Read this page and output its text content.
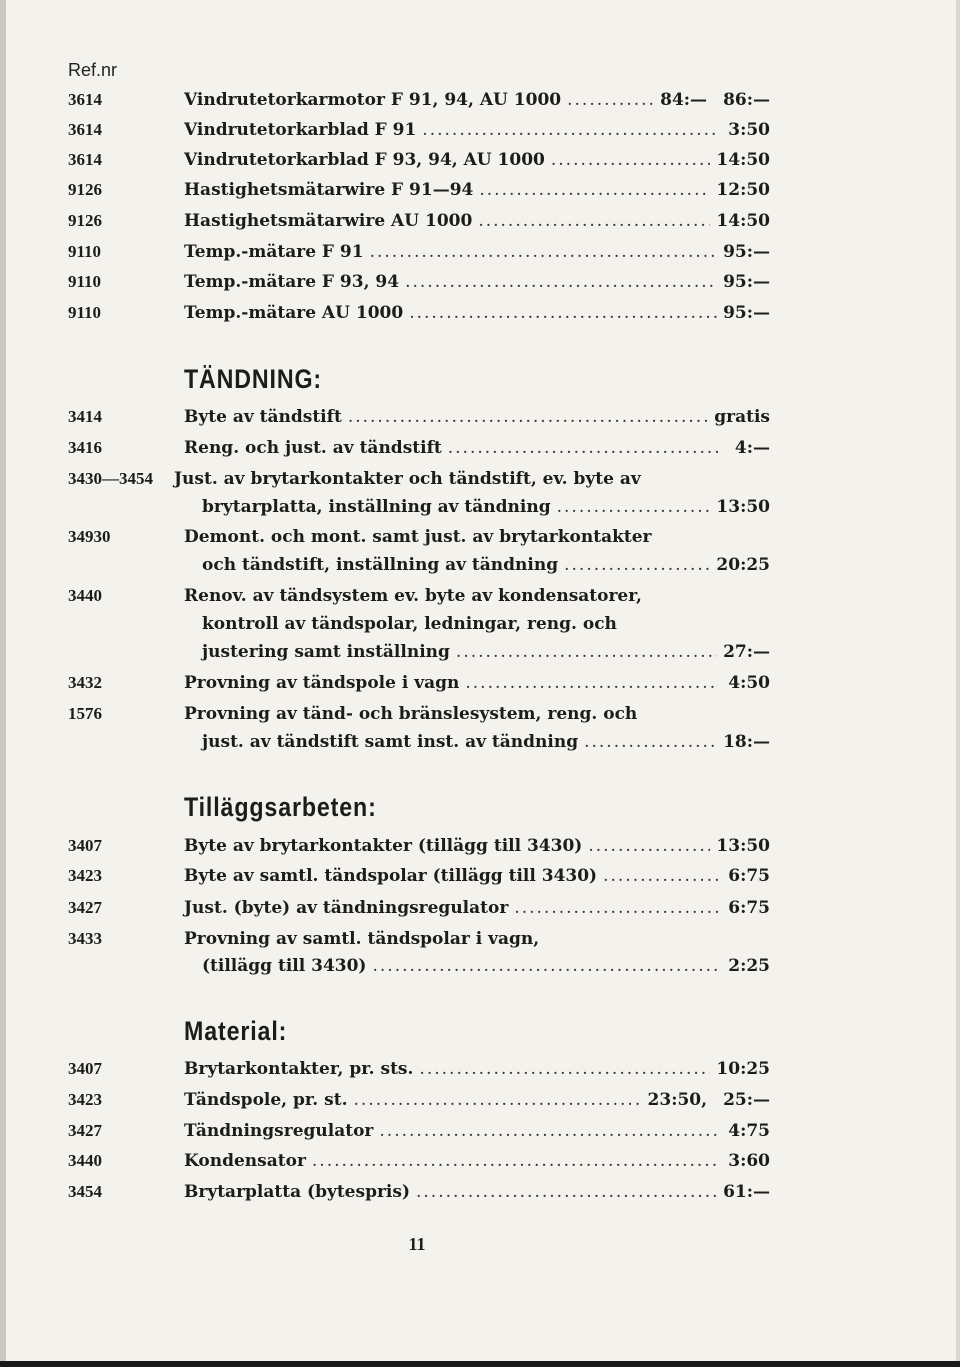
Ref.nr
3614	Vindrutetorkarmotor F 91, 94, AU 1000 .....	84:— 86:—
3614	Vindrutetorkarblad F 91 .....	3:50
3614	Vindrutetorkarblad F 93, 94, AU 1000 .....	14:50
9126	Hastighetsmätarwire F 91—94 .....	12:50
9126	Hastighetsmätarwire AU 1000 .....	14:50
9110	Temp.-mätare F 91 .....	95:—
9110	Temp.-mätare F 93, 94 .....	95:—
9110	Temp.-mätare AU 1000 .....	95:—
TÄNDNING:
3414	Byte av tändstift .....	gratis
3416	Reng. och just. av tändstift .....	4:—
3430—3454 Just. av brytarkontakter och tändstift, ev. byte av
brytarplatta, inställning av tändning .....	13:50
34930	Demont. och mont. samt just. av brytarkontakter
och tändstift, inställning av tändning .....	20:25
3440	Renov. av tändsystem ev. byte av kondensatorer,
kontroll av tändspolar, ledningar, reng. och
justering samt inställning .....	27:—
3432	Provning av tändspole i vagn .....	4:50
1576	Provning av tänd- och bränslesystem, reng. och
just. av tändstift samt inst. av tändning .....	18:—
Tilläggsarbeten:
3407	Byte av brytarkontakter (tillägg till 3430) .....	13:50
3423	Byte av samtl. tändspolar (tillägg till 3430) .....	6:75
3427	Just. (byte) av tändningsregulator .....	6:75
3433	Provning av samtl. tändspolar i vagn,
(tillägg till 3430) .....	2:25
Material:
3407	Brytarkontakter, pr. sts. .....	10:25
3423	Tändspole, pr. st. .....	23:50, 25:—
3427	Tändningsregulator .....	4:75
3440	Kondensator .....	3:60
3454	Brytarplatta (bytespris) .....	61:—
11
